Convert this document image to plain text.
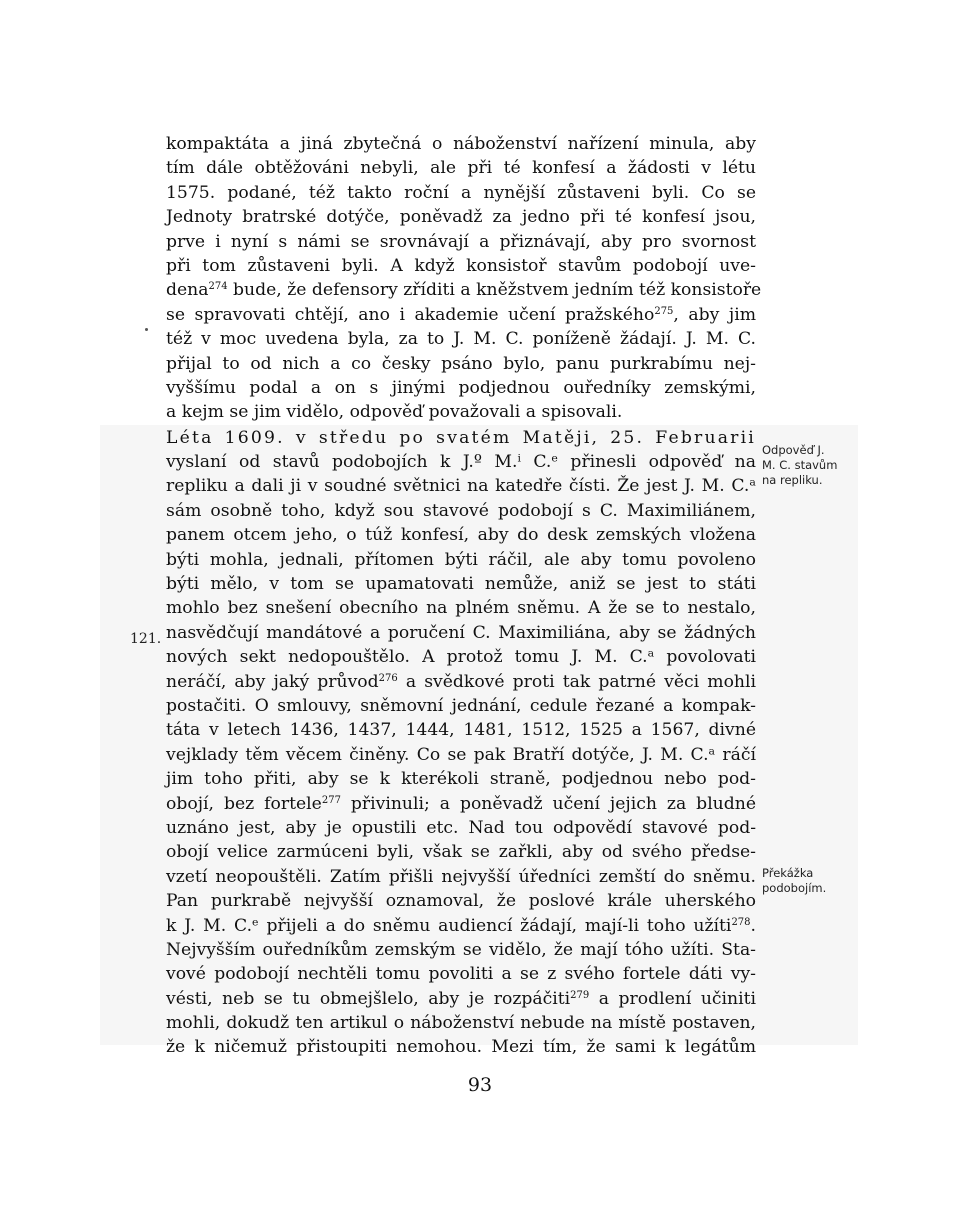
kompaktáta a jiná zbytečná o náboženství nařízení minula, aby
tím dále obtěžováni nebyli, ale při té konfesí a žádosti v létu
1575. podané, též takto roční a nynější zůstaveni byli. Co se
Jednoty bratrské dotýče, poněvadž za jedno při té konfesí jsou,
prve i nyní s námi se srovnávají a přiznávají, aby pro svornost
při tom zůstaveni byli. A když konsistoř stavům podobojí uve-
dena$^{274}$ bude, že defensory zříditi a kněžstvem jedním též konsistoře
se spravovati chtějí, ano i akademie učení pražského$^{275}$, aby jim
též v moc uvedena byla, za to J. M. C. poníženě žádají. J. M. C.
přijal to od nich a co česky psáno bylo, panu purkrabímu nej-
vyššímu podal a on s jinými podjednou ouředníky zemskými,
a kejm se jim vidělo, odpověď považovali a spisovali.
Léta 1609. v středu po svatém Matěji, 25. Februarii
vyslaní od stavů podobojích k J.º M.ⁱ C.ᵉ přinesli odpověď na
repliku a dali ji v soudné světnici na katedře čísti. Že jest J. M. C.ᵃ
sám osobně toho, když sou stavové podobojí s C. Maximiliánem,
panem otcem jeho, o túž konfesí, aby do desk zemských vložena
býti mohla, jednali, přítomen býti ráčil, ale aby tomu povoleno
býti mělo, v tom se upamatovati nemůže, aniž se jest to státi
mohlo bez snešení obecního na plném sněmu. A že se to nestalo,
nasvědčují mandátové a poručení C. Maximiliána, aby se žádných
nových sekt nedopouštělo. A protož tomu J. M. C.ᵃ povolovati
neráčí, aby jaký průvod$^{276}$ a svědkové proti tak patrné věci mohli
postačiti. O smlouvy, sněmovní jednání, cedule řezané a kompak-
táta v letech 1436, 1437, 1444, 1481, 1512, 1525 a 1567, divné
vejklady těm věcem činěny. Co se pak Bratří dotýče, J. M. C.ᵃ ráčí
jim toho přiti, aby se k kterékoli straně, podjednou nebo pod-
obojí, bez fortele$^{277}$ přivinuli; a poněvadž učení jejich za bludné
uznáno jest, aby je opustili etc. Nad tou odpovědí stavové pod-
obojí velice zarmúceni byli, však se zařkli, aby od svého předse-
vzetí neopouštěli. Zatím přišli nejvyšší úředníci zemští do sněmu.
Pan purkrabě nejvyšší oznamoval, že poslové krále uherského
k J. M. C.ᵉ přijeli a do sněmu audiencí žádají, mají-li toho užíti$^{278}$.
Nejvyšším ouředníkům zemským se vidělo, že mají tóho užíti. Sta-
vové podobojí nechtěli tomu povoliti a se z svého fortele dáti vy-
vésti, neb se tu obmejšlelo, aby je rozpáčiti$^{279}$ a prodlení učiniti
mohli, dokudž ten artikul o náboženství nebude na místě postaven,
že k ničemuž přistoupiti nemohou. Mezi tím, že sami k legátům
Odpověď J.
M. C. stavům
na repliku.
Překážka
podobojím.
121.
93
